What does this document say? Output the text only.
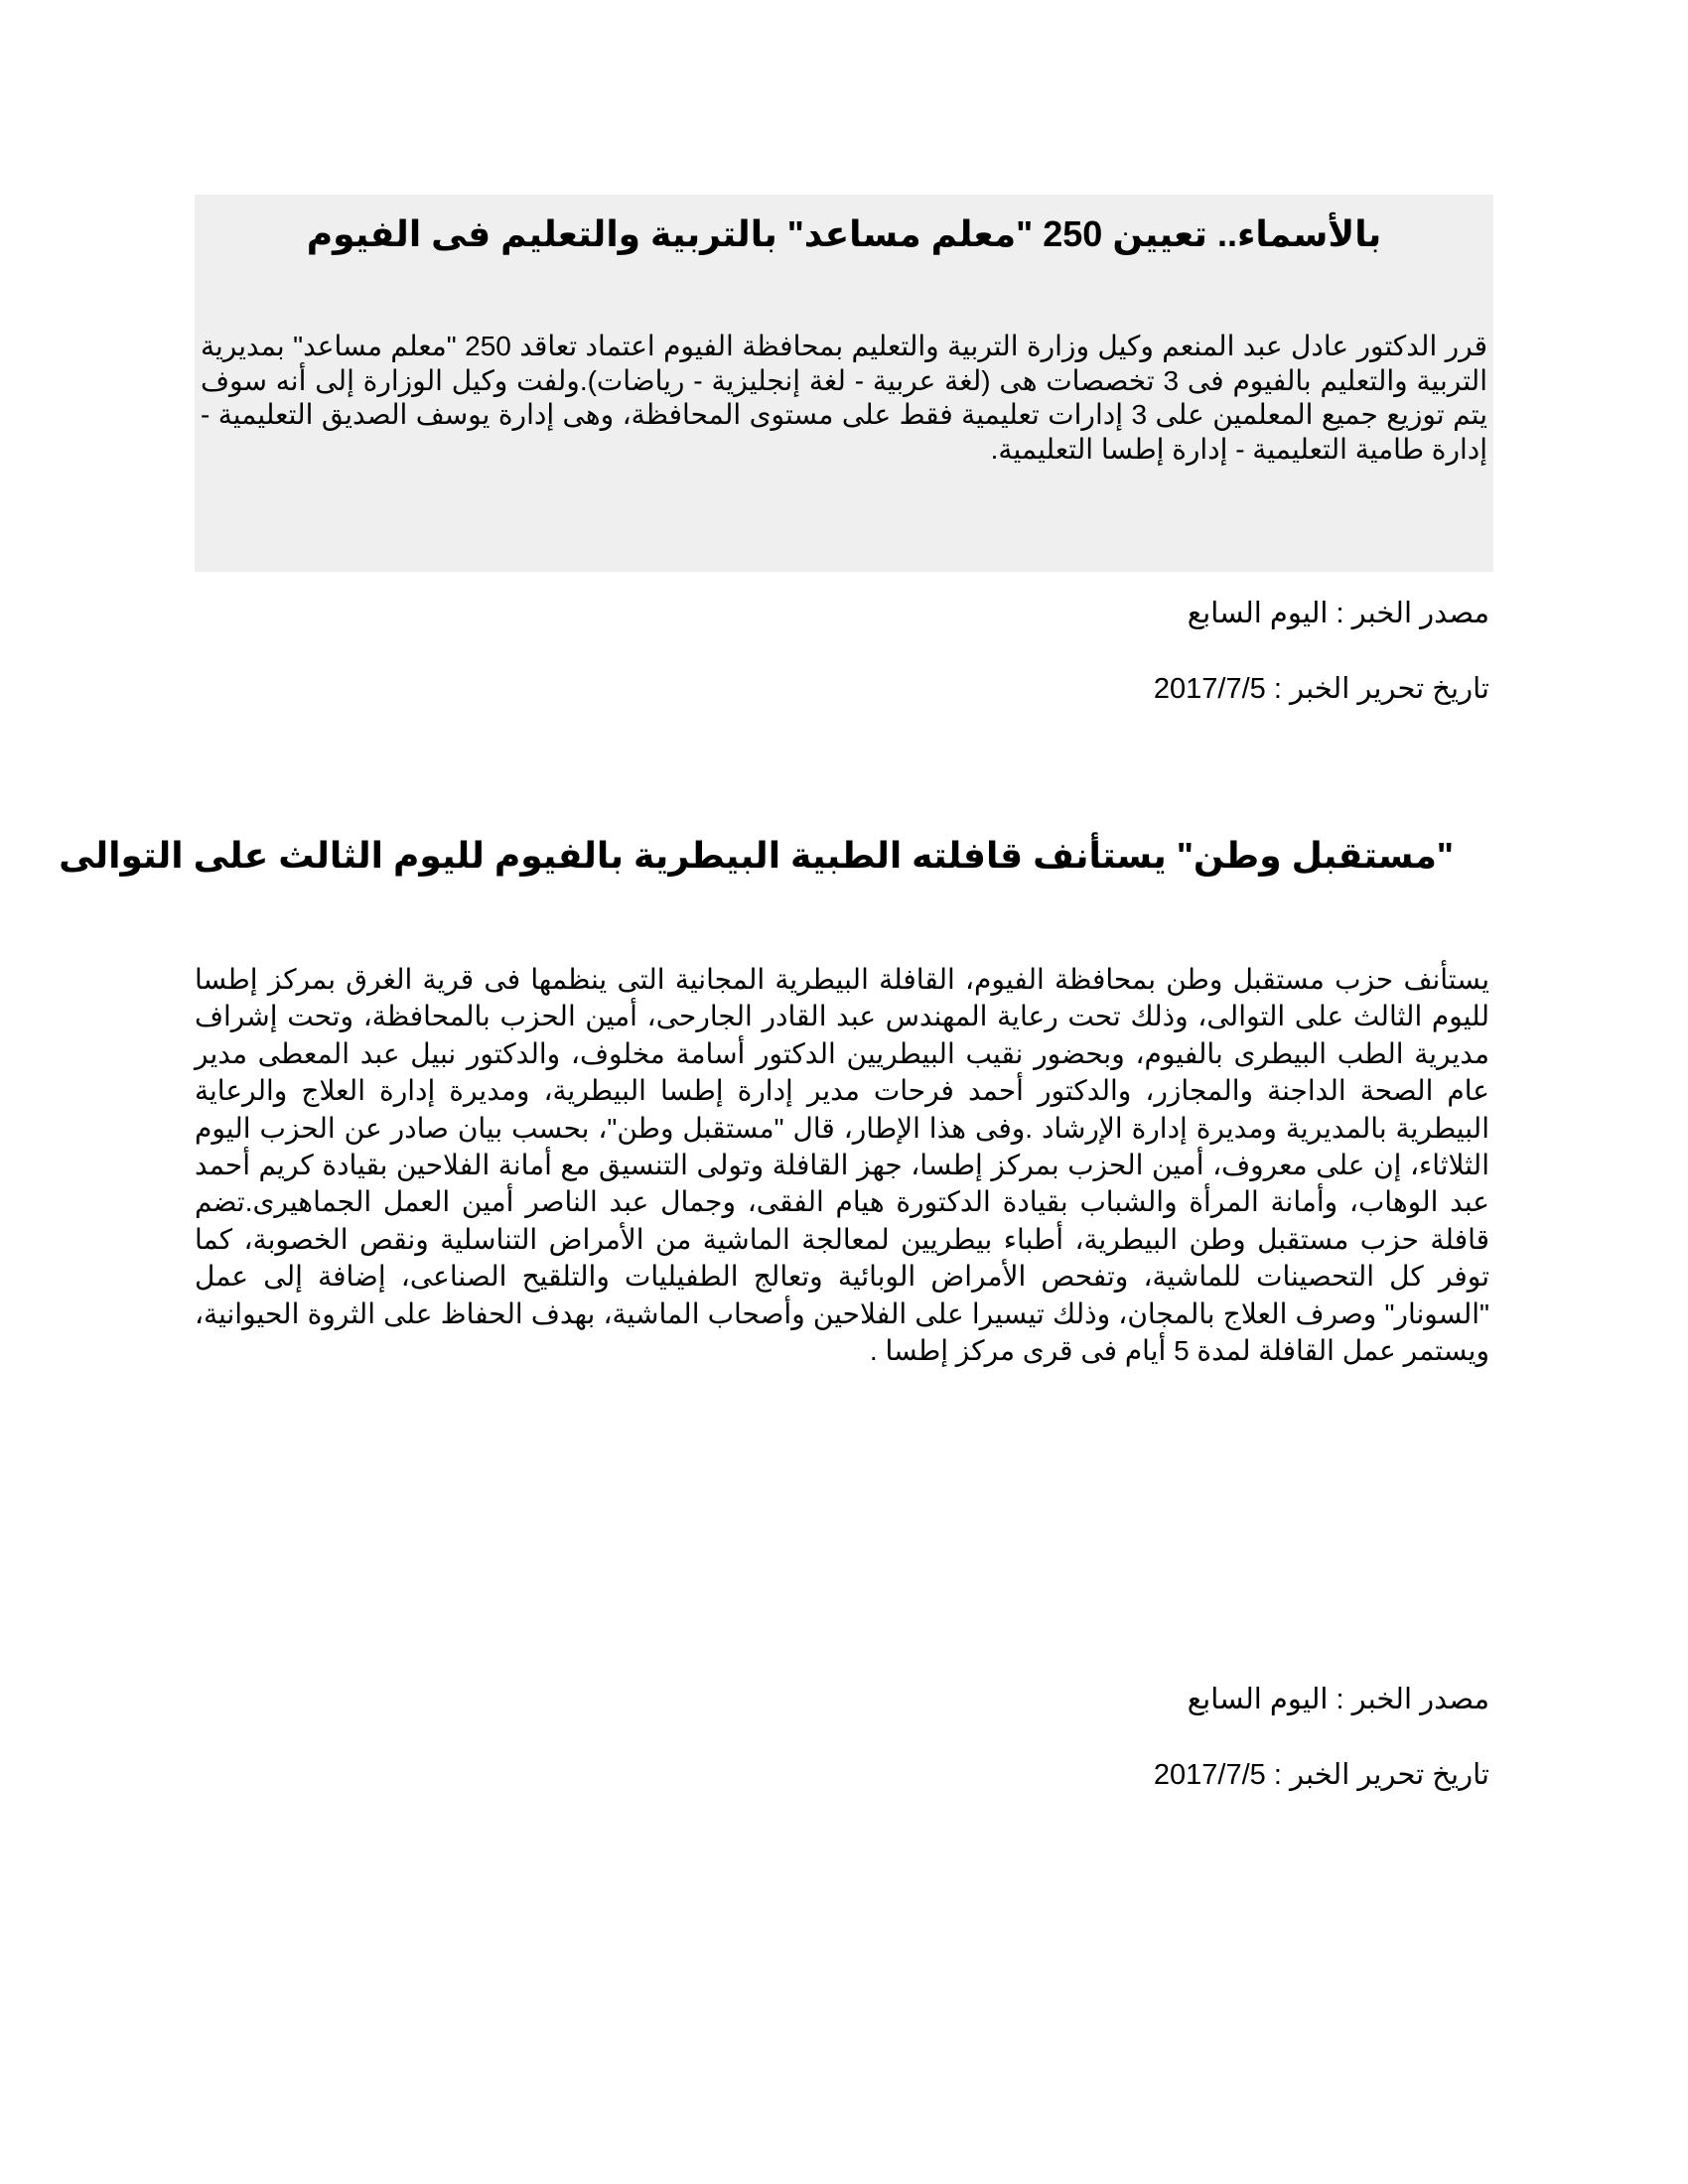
بالأسماء.. تعيين 250 "معلم مساعد" بالتربية والتعليم فى الفيوم

قرر الدكتور عادل عبد المنعم وكيل وزارة التربية والتعليم بمحافظة الفيوم اعتماد تعاقد 250 "معلم مساعد" بمديرية التربية والتعليم بالفيوم فى 3 تخصصات هى (لغة عربية - لغة إنجليزية - رياضات).ولفت وكيل الوزارة إلى أنه سوف يتم توزيع جميع المعلمين على 3 إدارات تعليمية فقط على مستوى المحافظة، وهى إدارة يوسف الصديق التعليمية - إدارة طامية التعليمية - إدارة إطسا التعليمية.

مصدر الخبر : اليوم السابع

تاريخ تحرير الخبر : 2017/7/5

"مستقبل وطن" يستأنف قافلته الطبية البيطرية بالفيوم لليوم الثالث على التوالى

يستأنف حزب مستقبل وطن بمحافظة الفيوم، القافلة البيطرية المجانية التى ينظمها فى قرية الغرق بمركز إطسا لليوم الثالث على التوالى، وذلك تحت رعاية المهندس عبد القادر الجارحى، أمين الحزب بالمحافظة، وتحت إشراف مديرية الطب البيطرى بالفيوم، وبحضور نقيب البيطريين الدكتور أسامة مخلوف، والدكتور نبيل عبد المعطى مدير عام الصحة الداجنة والمجازر، والدكتور أحمد فرحات مدير إدارة إطسا البيطرية، ومديرة إدارة العلاج والرعاية البيطرية بالمديرية ومديرة إدارة الإرشاد .وفى هذا الإطار، قال "مستقبل وطن"، بحسب بيان صادر عن الحزب اليوم الثلاثاء، إن على معروف، أمين الحزب بمركز إطسا، جهز القافلة وتولى التنسيق مع أمانة الفلاحين بقيادة كريم أحمد عبد الوهاب، وأمانة المرأة والشباب بقيادة الدكتورة هيام الفقى، وجمال عبد الناصر أمين العمل الجماهيرى.تضم قافلة حزب مستقبل وطن البيطرية، أطباء بيطريين لمعالجة الماشية من الأمراض التناسلية ونقص الخصوبة، كما توفر كل التحصينات للماشية، وتفحص الأمراض الوبائية وتعالج الطفيليات والتلقيح الصناعى، إضافة إلى عمل "السونار" وصرف العلاج بالمجان، وذلك تيسيرا على الفلاحين وأصحاب الماشية، بهدف الحفاظ على الثروة الحيوانية، ويستمر عمل القافلة لمدة 5 أيام فى قرى مركز إطسا .

مصدر الخبر : اليوم السابع

تاريخ تحرير الخبر : 2017/7/5
